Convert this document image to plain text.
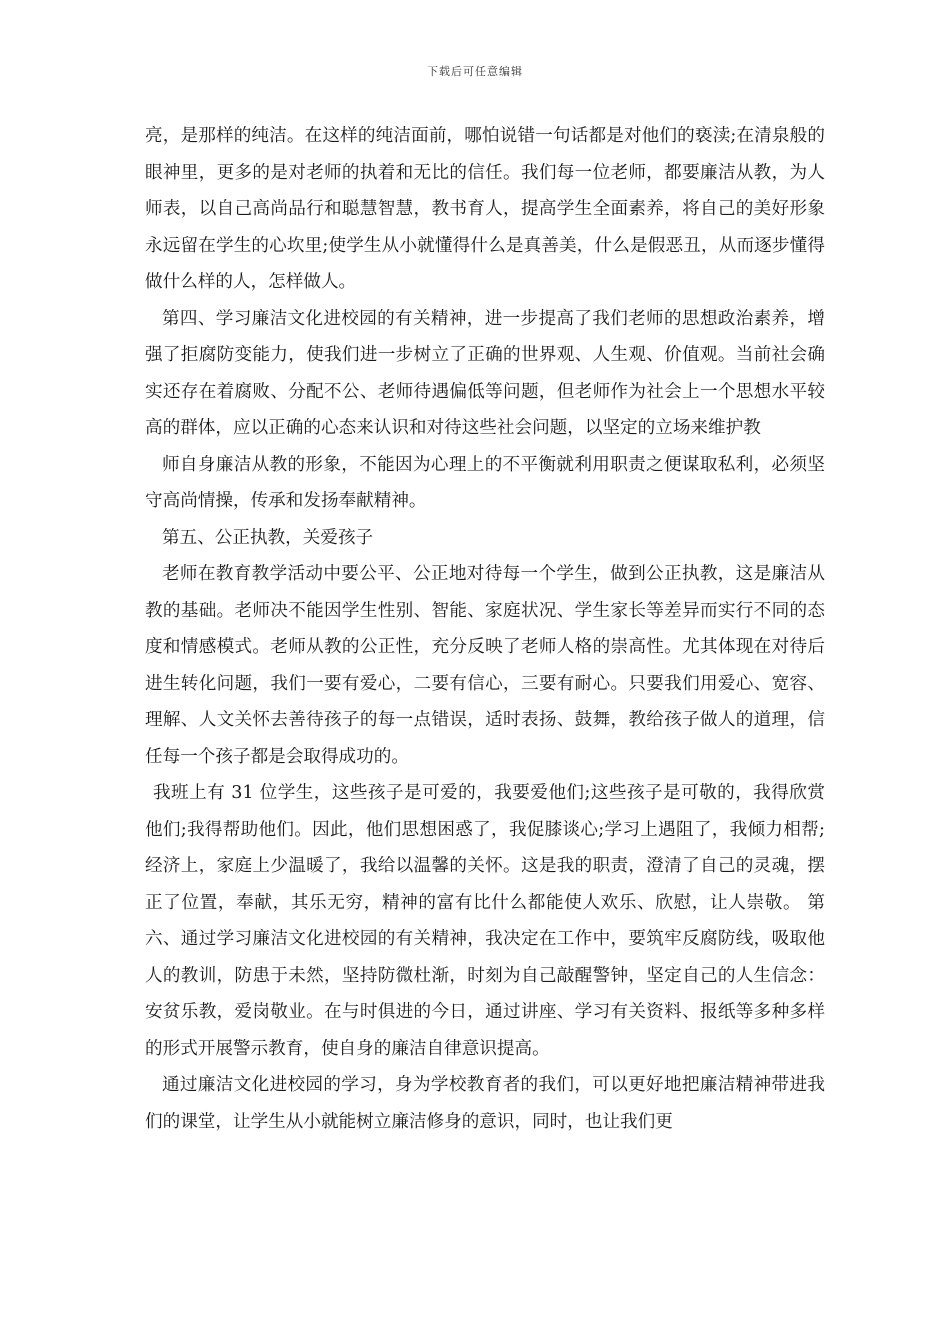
下载后可任意编辑

亮，是那样的纯洁。在这样的纯洁面前，哪怕说错一句话都是对他们的亵渎;在清泉般的眼神里，更多的是对老师的执着和无比的信任。我们每一位老师，都要廉洁从教，为人师表，以自己高尚品行和聪慧智慧，教书育人，提高学生全面素养，将自己的美好形象永远留在学生的心坎里;使学生从小就懂得什么是真善美，什么是假恶丑，从而逐步懂得做什么样的人，怎样做人。

第四、学习廉洁文化进校园的有关精神，进一步提高了我们老师的思想政治素养，增强了拒腐防变能力，使我们进一步树立了正确的世界观、人生观、价值观。当前社会确实还存在着腐败、分配不公、老师待遇偏低等问题，但老师作为社会上一个思想水平较高的群体，应以正确的心态来认识和对待这些社会问题，以坚定的立场来维护教

师自身廉洁从教的形象，不能因为心理上的不平衡就利用职责之便谋取私利，必须坚守高尚情操，传承和发扬奉献精神。

第五、公正执教，关爱孩子

老师在教育教学活动中要公平、公正地对待每一个学生，做到公正执教，这是廉洁从教的基础。老师决不能因学生性别、智能、家庭状况、学生家长等差异而实行不同的态度和情感模式。老师从教的公正性，充分反映了老师人格的崇高性。尤其体现在对待后进生转化问题，我们一要有爱心，二要有信心，三要有耐心。只要我们用爱心、宽容、理解、人文关怀去善待孩子的每一点错误，适时表扬、鼓舞，教给孩子做人的道理，信任每一个孩子都是会取得成功的。

我班上有 31 位学生，这些孩子是可爱的，我要爱他们;这些孩子是可敬的，我得欣赏他们;我得帮助他们。因此，他们思想困惑了，我促膝谈心;学习上遇阻了，我倾力相帮;经济上，家庭上少温暖了，我给以温馨的关怀。这是我的职责，澄清了自己的灵魂，摆正了位置，奉献，其乐无穷，精神的富有比什么都能使人欢乐、欣慰，让人崇敬。 第六、通过学习廉洁文化进校园的有关精神，我决定在工作中，要筑牢反腐防线，吸取他人的教训，防患于未然，坚持防微杜渐，时刻为自己敲醒警钟，坚定自己的人生信念：安贫乐教，爱岗敬业。在与时俱进的今日，通过讲座、学习有关资料、报纸等多种多样的形式开展警示教育，使自身的廉洁自律意识提高。

通过廉洁文化进校园的学习，身为学校教育者的我们，可以更好地把廉洁精神带进我们的课堂，让学生从小就能树立廉洁修身的意识，同时，也让我们更
